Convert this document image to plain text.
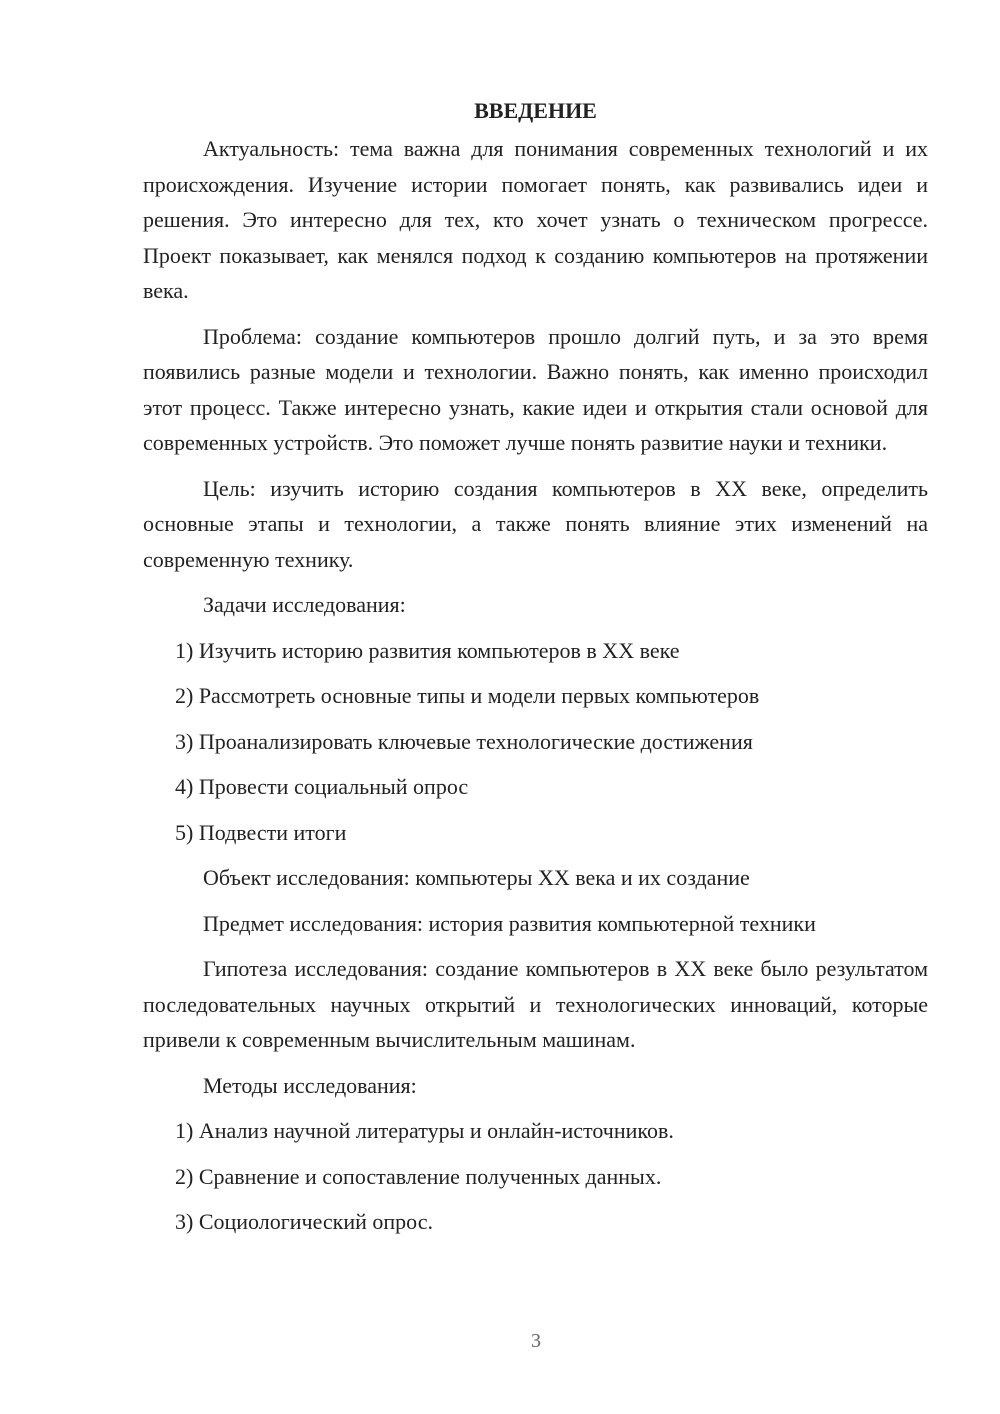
ВВЕДЕНИЕ

Актуальность: тема важна для понимания современных технологий и их происхождения. Изучение истории помогает понять, как развивались идеи и решения. Это интересно для тех, кто хочет узнать о техническом прогрессе. Проект показывает, как менялся подход к созданию компьютеров на протяжении века.

Проблема: создание компьютеров прошло долгий путь, и за это время появились разные модели и технологии. Важно понять, как именно происходил этот процесс. Также интересно узнать, какие идеи и открытия стали основой для современных устройств. Это поможет лучше понять развитие науки и техники.

Цель: изучить историю создания компьютеров в XX веке, определить основные этапы и технологии, а также понять влияние этих изменений на современную технику.

Задачи исследования:
1) Изучить историю развития компьютеров в XX веке
2) Рассмотреть основные типы и модели первых компьютеров
3) Проанализировать ключевые технологические достижения
4) Провести социальный опрос
5) Подвести итоги
Объект исследования: компьютеры XX века и их создание
Предмет исследования: история развития компьютерной техники

Гипотеза исследования: создание компьютеров в XX веке было результатом последовательных научных открытий и технологических инноваций, которые привели к современным вычислительным машинам.

Методы исследования:
1) Анализ научной литературы и онлайн-источников.
2) Сравнение и сопоставление полученных данных.
3) Социологический опрос.
3
